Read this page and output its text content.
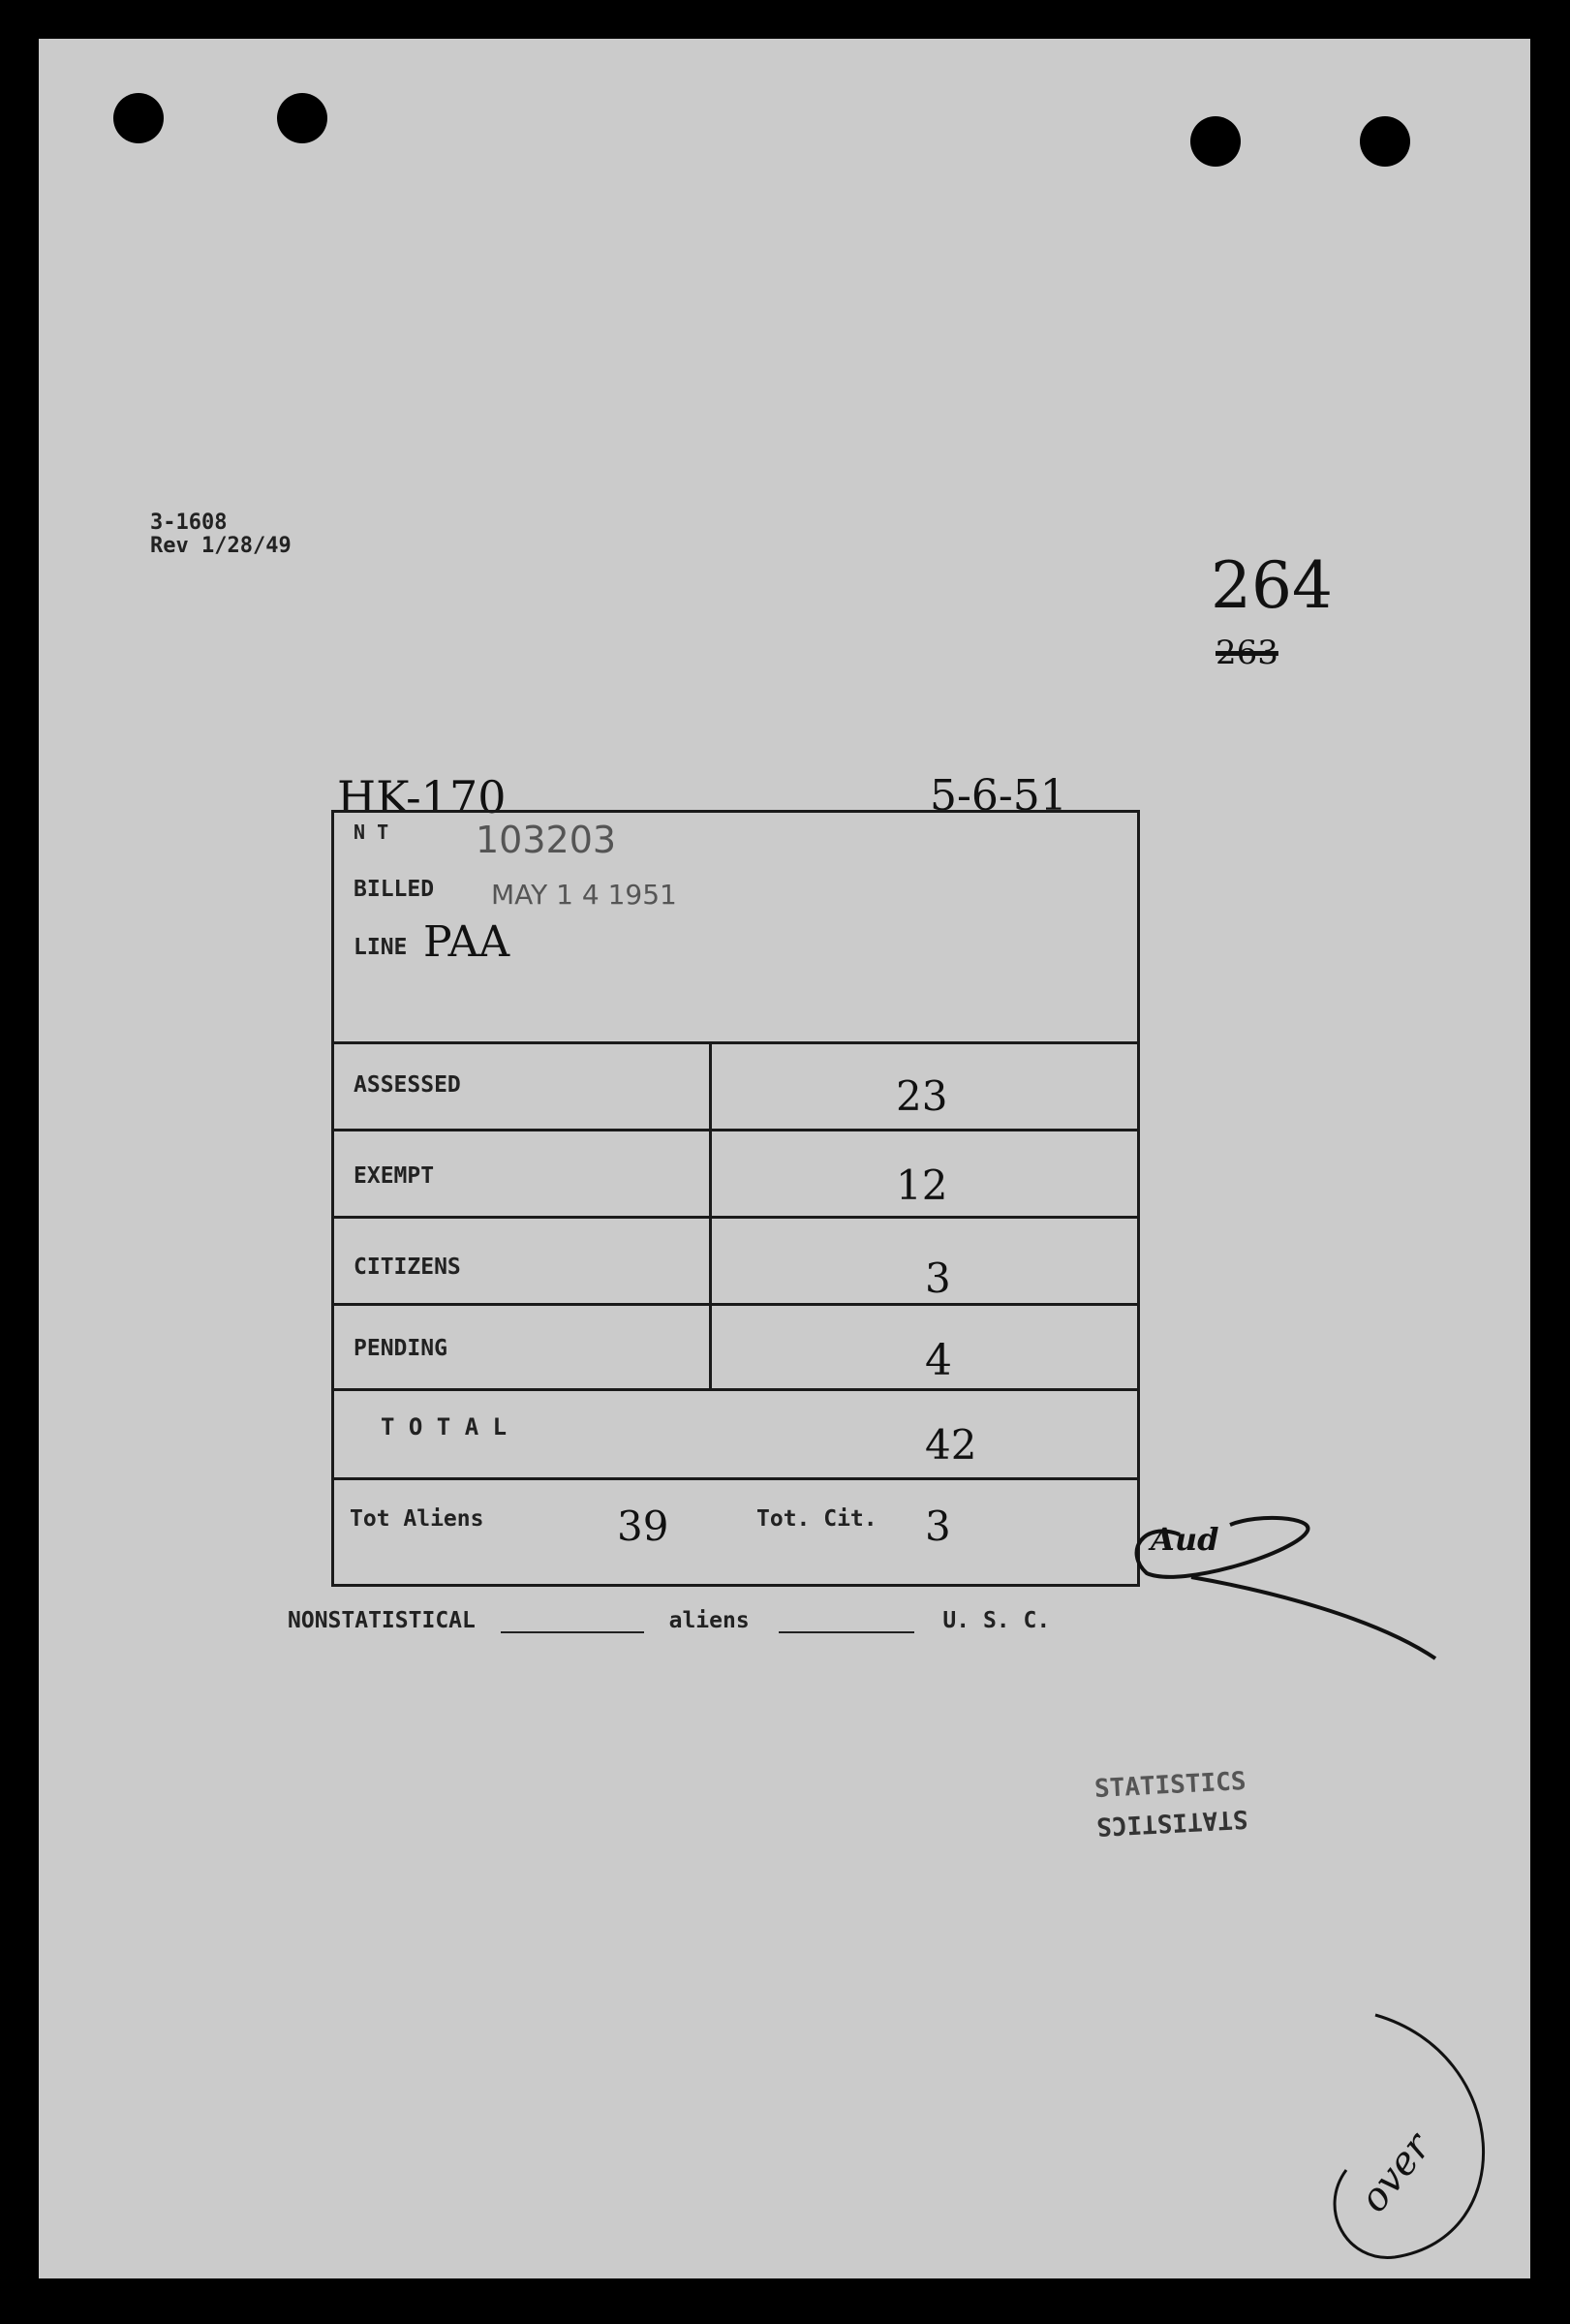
3-1608
Rev 1/28/49
264
263
HK-170	5-6-51
N T 103203
BILLED MAY 1 4 1951
LINE PAA
ASSESSED	23
EXEMPT	12
CITIZENS	3
PENDING	4
T O T A L	42
Tot Aliens	39	Tot. Cit. 3	Aud
NONSTATISTICAL	aliens	U. S. C.
STATISTICS
STATISTICS
over
